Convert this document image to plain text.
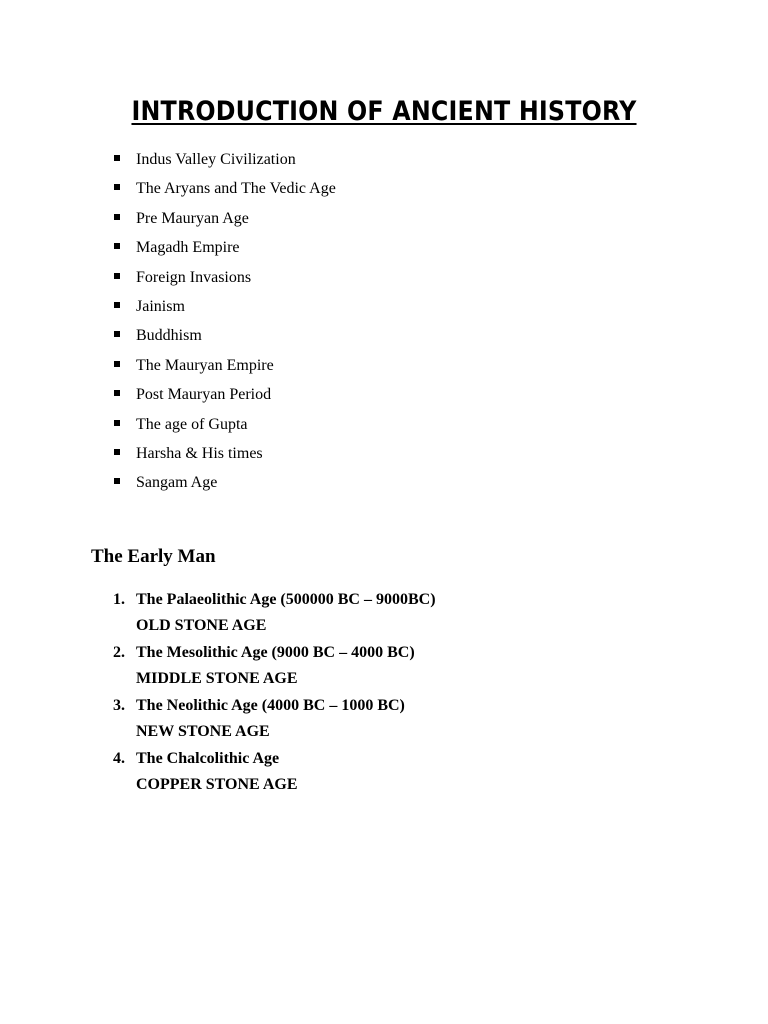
INTRODUCTION OF ANCIENT HISTORY
Indus Valley Civilization
The Aryans and The Vedic Age
Pre Mauryan Age
Magadh Empire
Foreign Invasions
Jainism
Buddhism
The Mauryan Empire
Post Mauryan Period
The age of Gupta
Harsha & His times
Sangam Age
The Early Man
1. The Palaeolithic Age (500000 BC – 9000BC)
OLD STONE AGE
2. The Mesolithic Age (9000 BC – 4000 BC)
MIDDLE STONE AGE
3. The Neolithic Age (4000 BC – 1000 BC)
NEW STONE AGE
4. The Chalcolithic Age
COPPER STONE AGE
